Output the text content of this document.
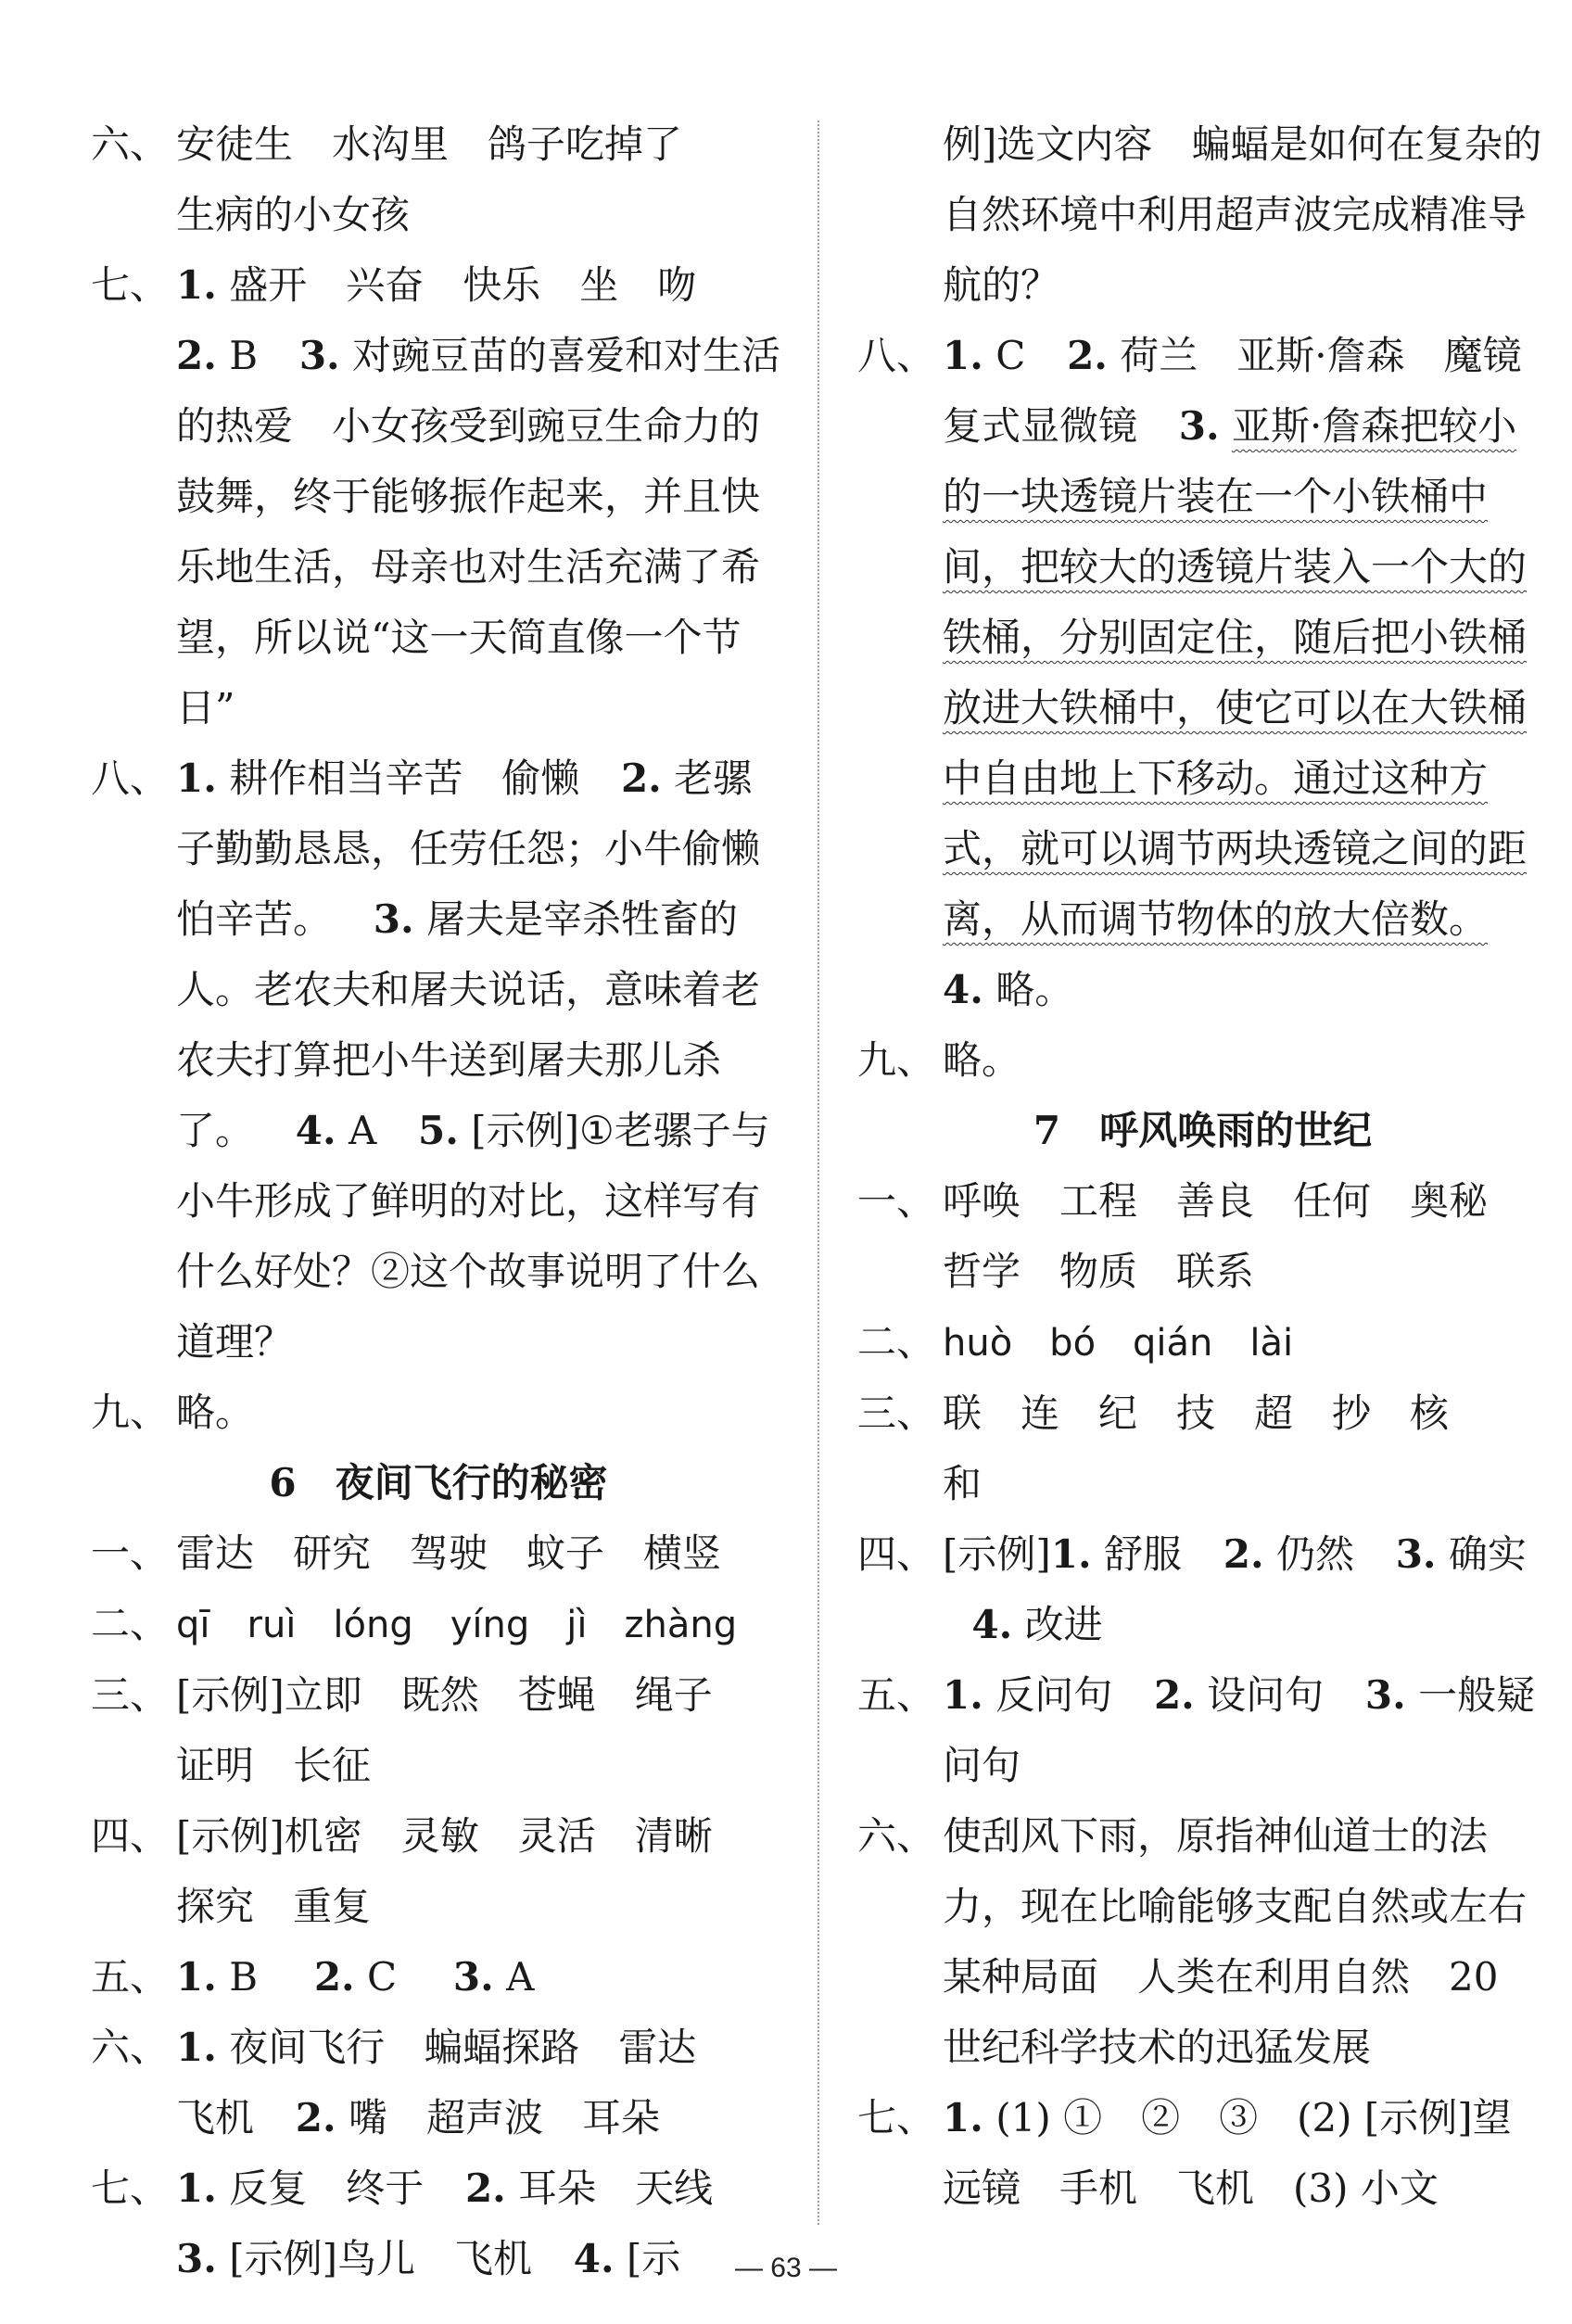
六、 安徒生　水沟里　鸽子吃掉了
生病的小女孩
七、 1. 盛开　兴奋　快乐　坐　吻
2. B 3. 对豌豆苗的喜爱和对生活的热爱　小女孩受到豌豆生命力的鼓舞，终于能够振作起来，并且快乐地生活，母亲也对生活充满了希望，所以说“这一天简直像一个节日”
八、 1. 耕作相当辛苦　偷懒 2. 老骡子勤勤恳恳，任劳任怨；小牛偷懒怕辛苦。 3. 屠夫是宰杀牲畜的人。老农夫和屠夫说话，意味着老农夫打算把小牛送到屠夫那儿杀了。 4. A 5. [示例]①老骡子与小牛形成了鲜明的对比，这样写有什么好处？②这个故事说明了什么道理？
九、 略。
6　夜间飞行的秘密
一、 雷达　研究　驾驶　蚊子　横竖
二、 qī　ruì　lóng　yíng　jì　zhàng
三、 [示例]立即　既然　苍蝇　绳子
证明　长征
四、 [示例]机密　灵敏　灵活　清晰
探究　重复
五、 1. B 2. C 3. A
六、 1. 夜间飞行　蝙蝠探路　雷达
飞机 2. 嘴　超声波　耳朵
七、 1. 反复　终于 2. 耳朵　天线
3. [示例]鸟儿　飞机 4. [示
例]选文内容　蝙蝠是如何在复杂的自然环境中利用超声波完成精准导航的？
八、 1. C 2. 荷兰　亚斯·詹森　魔镜　复式显微镜 3. 亚斯·詹森把较小的一块透镜片装在一个小铁桶中间，把较大的透镜片装入一个大的铁桶，分别固定住，随后把小铁桶放进大铁桶中，使它可以在大铁桶中自由地上下移动。通过这种方式，就可以调节两块透镜之间的距离，从而调节物体的放大倍数。  4. 略。
九、 略。
7　呼风唤雨的世纪
一、 呼唤　工程　善良　任何　奥秘
哲学　物质　联系
二、 huò　bó　qián　lài
三、 联　连　纪　技　超　抄　核
和
四、 [示例]1. 舒服 2. 仍然 3. 确实  4. 改进
五、 1. 反问句 2. 设问句 3. 一般疑问句
六、 使刮风下雨，原指神仙道士的法力，现在比喻能够支配自然或左右某种局面　人类在利用自然　20 世纪科学技术的迅猛发展
七、 1. (1) ①　②　③　(2) [示例]望远镜　手机　飞机　(3) 小文
— 63 —
